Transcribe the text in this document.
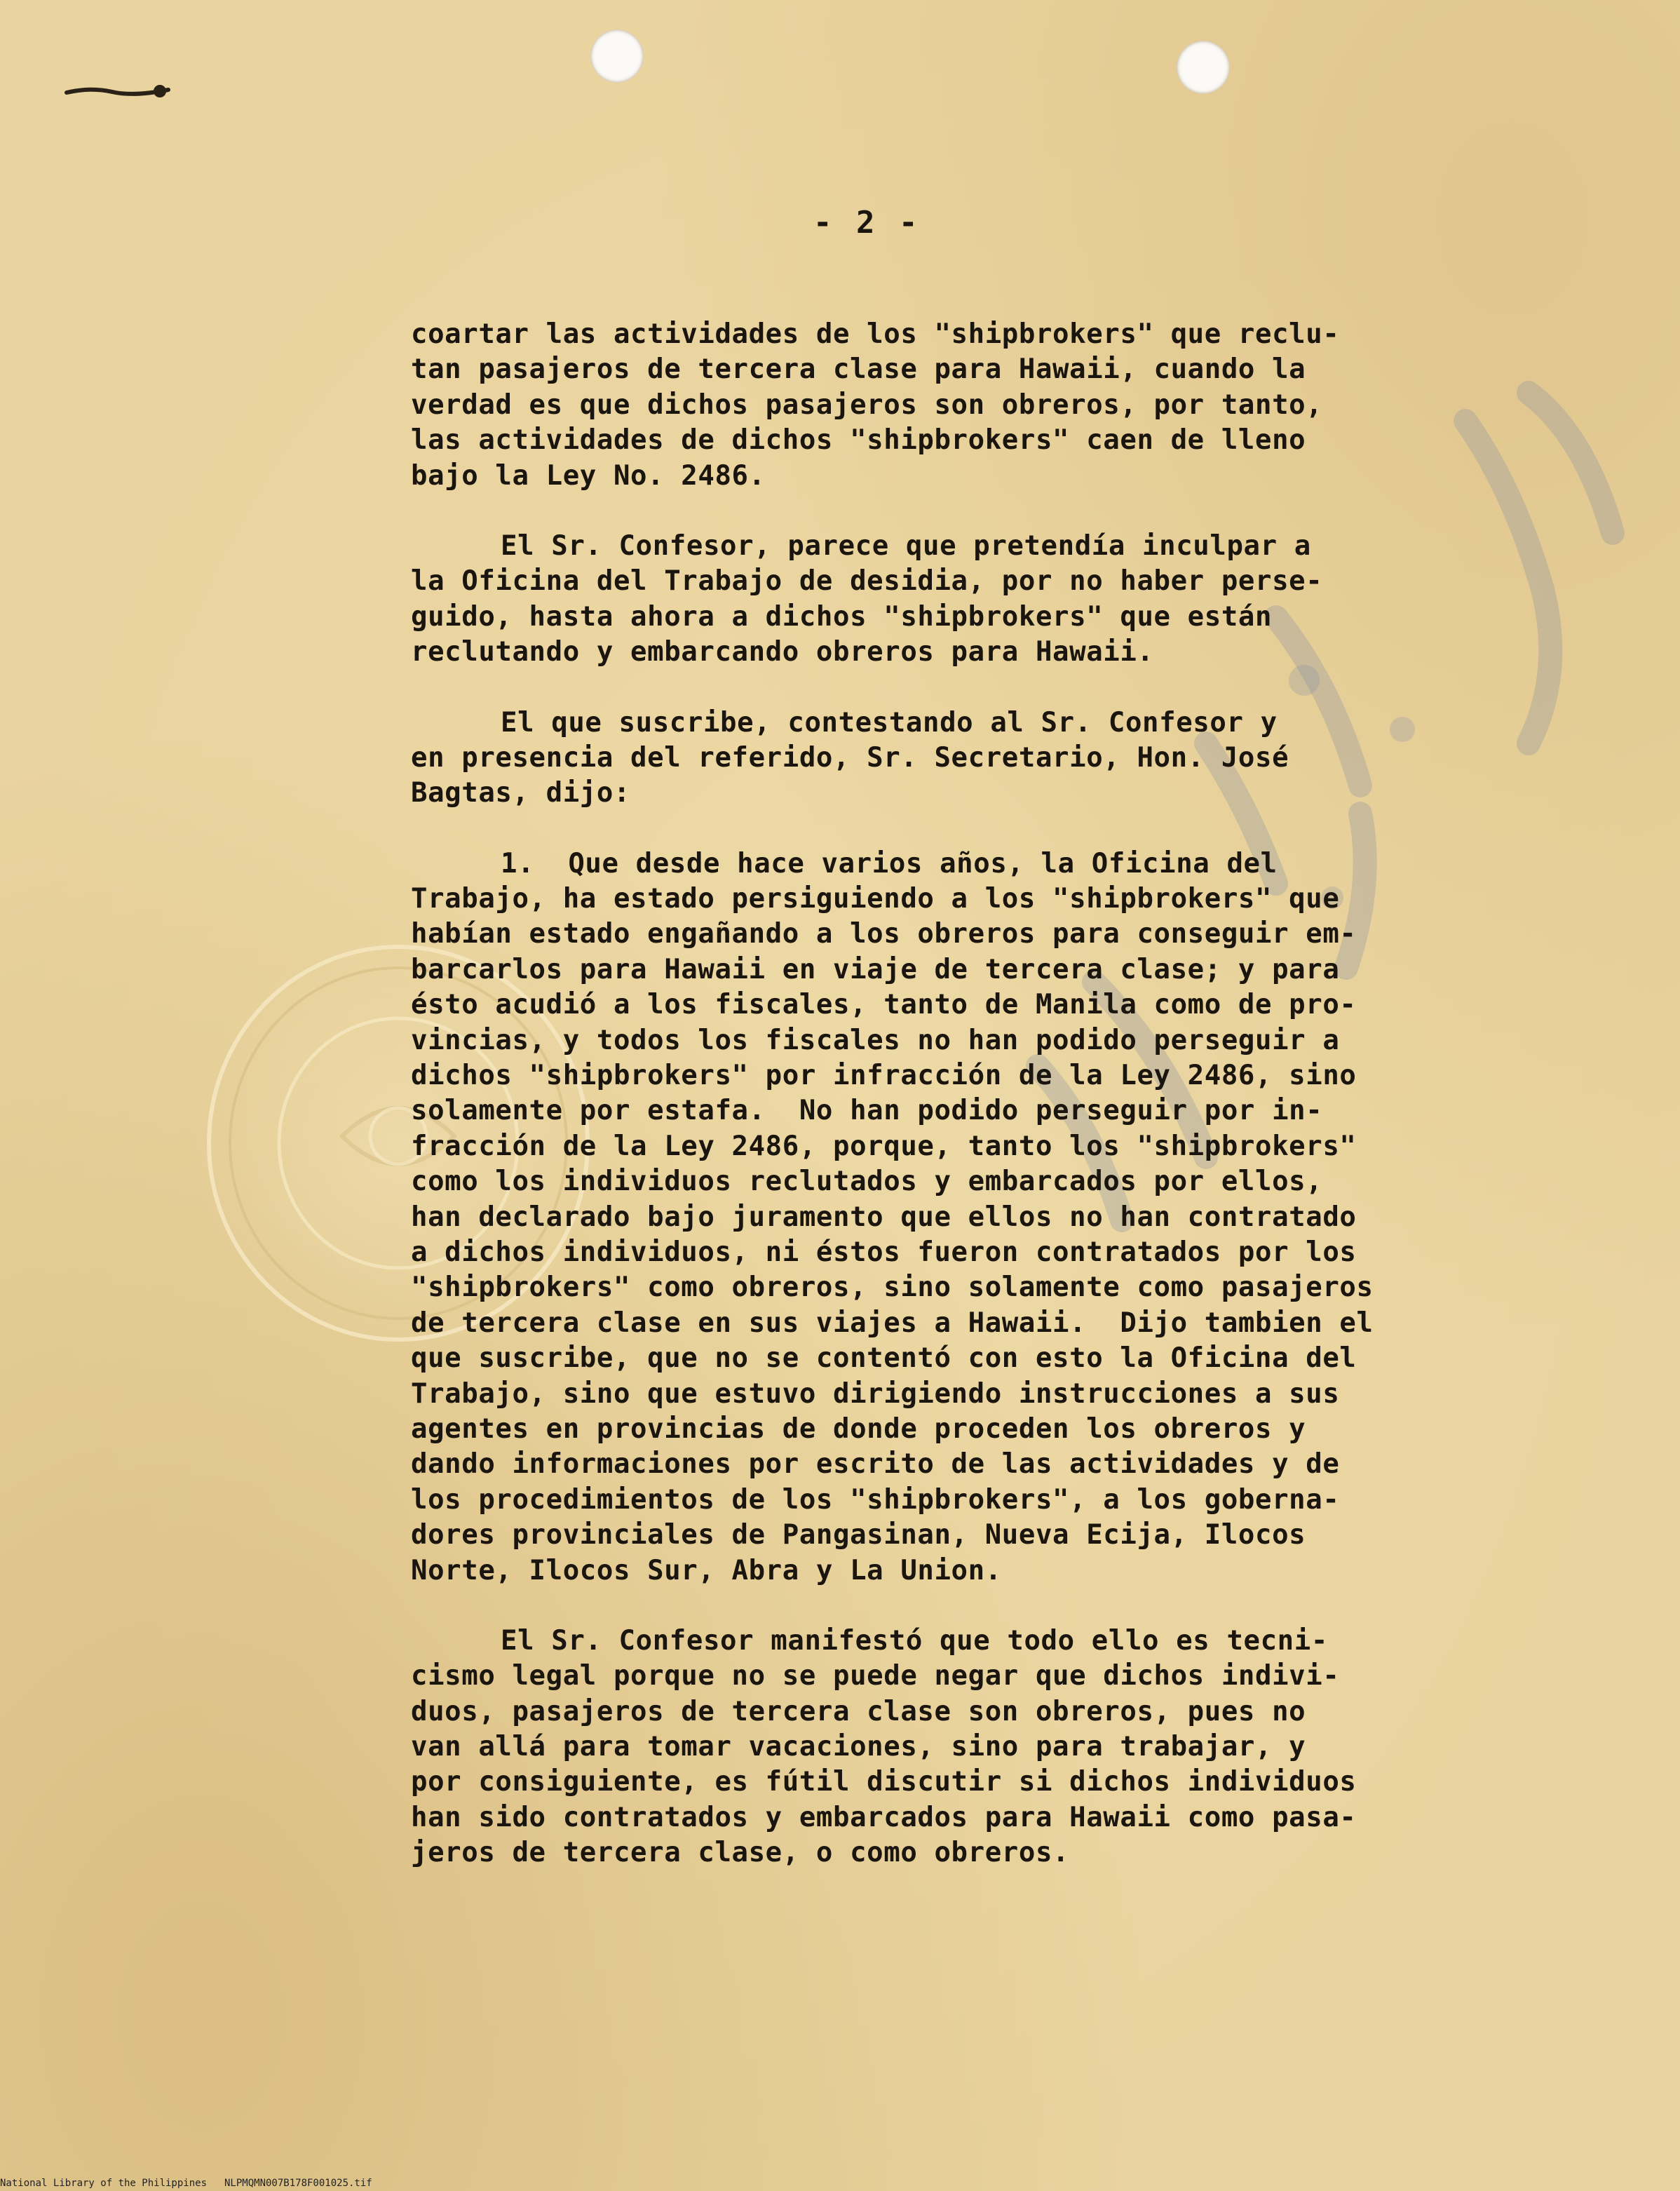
- 2 -
coartar las actividades de los "shipbrokers" que reclu-
tan pasajeros de tercera clase para Hawaii, cuando la
verdad es que dichos pasajeros son obreros, por tanto,
las actividades de dichos "shipbrokers" caen de lleno
bajo la Ley No. 2486.
El Sr. Confesor, parece que pretendía inculpar a
la Oficina del Trabajo de desidia, por no haber perse-
guido, hasta ahora a dichos "shipbrokers" que están
reclutando y embarcando obreros para Hawaii.
El que suscribe, contestando al Sr. Confesor y
en presencia del referido, Sr. Secretario, Hon. José
Bagtas, dijo:
1.  Que desde hace varios años, la Oficina del
Trabajo, ha estado persiguiendo a los "shipbrokers" que
habían estado engañando a los obreros para conseguir em-
barcarlos para Hawaii en viaje de tercera clase; y para
ésto acudió a los fiscales, tanto de Manila como de pro-
vincias, y todos los fiscales no han podido perseguir a
dichos "shipbrokers" por infracción de la Ley 2486, sino
solamente por estafa.  No han podido perseguir por in-
fracción de la Ley 2486, porque, tanto los "shipbrokers"
como los individuos reclutados y embarcados por ellos,
han declarado bajo juramento que ellos no han contratado
a dichos individuos, ni éstos fueron contratados por los
"shipbrokers" como obreros, sino solamente como pasajeros
de tercera clase en sus viajes a Hawaii.  Dijo tambien el
que suscribe, que no se contentó con esto la Oficina del
Trabajo, sino que estuvo dirigiendo instrucciones a sus
agentes en provincias de donde proceden los obreros y
dando informaciones por escrito de las actividades y de
los procedimientos de los "shipbrokers", a los goberna-
dores provinciales de Pangasinan, Nueva Ecija, Ilocos
Norte, Ilocos Sur, Abra y La Union.
El Sr. Confesor manifestó que todo ello es tecni-
cismo legal porque no se puede negar que dichos indivi-
duos, pasajeros de tercera clase son obreros, pues no
van allá para tomar vacaciones, sino para trabajar, y
por consiguiente, es fútil discutir si dichos individuos
han sido contratados y embarcados para Hawaii como pasa-
jeros de tercera clase, o como obreros.
National Library of the Philippines NLPMQMN007B178F001025.tif
